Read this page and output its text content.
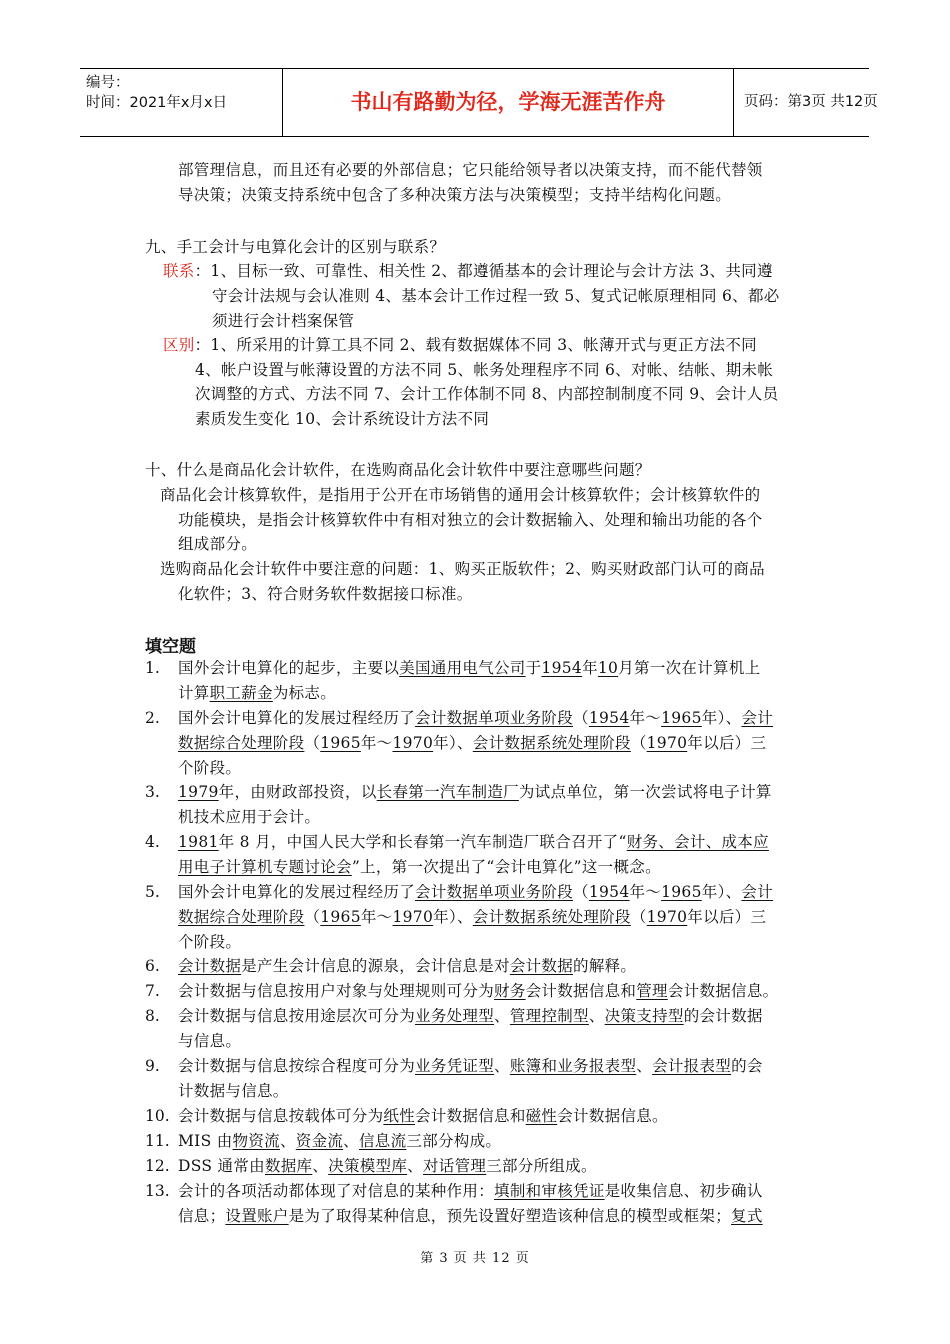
编号：
时间：2021年x月x日	书山有路勤为径，学海无涯苦作舟	页码：第3页 共12页
部管理信息，而且还有必要的外部信息；它只能给领导者以决策支持，而不能代替领
导决策；决策支持系统中包含了多种决策方法与决策模型；支持半结构化问题。
九、手工会计与电算化会计的区别与联系？
联系：1、目标一致、可靠性、相关性 2、都遵循基本的会计理论与会计方法 3、共同遵
守会计法规与会认准则 4、基本会计工作过程一致 5、复式记帐原理相同 6、都必
须进行会计档案保管
区别：1、所采用的计算工具不同 2、载有数据媒体不同 3、帐薄开式与更正方法不同
4、帐户设置与帐薄设置的方法不同 5、帐务处理程序不同 6、对帐、结帐、期未帐
次调整的方式、方法不同 7、会计工作体制不同 8、内部控制制度不同 9、会计人员
素质发生变化 10、会计系统设计方法不同
十、什么是商品化会计软件，在选购商品化会计软件中要注意哪些问题？
商品化会计核算软件，是指用于公开在市场销售的通用会计核算软件；会计核算软件的
功能模块，是指会计核算软件中有相对独立的会计数据输入、处理和输出功能的各个
组成部分。
选购商品化会计软件中要注意的问题：1、购买正版软件；2、购买财政部门认可的商品
化软件；3、符合财务软件数据接口标准。
填空题
1.
2.
3.
4.
5.
6.
7.
8.
9.
10.
11.
12.
13.
国外会计电算化的起步，主要以美国通用电气公司于1954年10月第一次在计算机上
计算职工薪金为标志。
国外会计电算化的发展过程经历了会计数据单项业务阶段（1954年～1965年）、会计
数据综合处理阶段（1965年～1970年）、会计数据系统处理阶段（1970年以后）三
个阶段。
1979年，由财政部投资，以长春第一汽车制造厂为试点单位，第一次尝试将电子计算
机技术应用于会计。
1981年 8 月，中国人民大学和长春第一汽车制造厂联合召开了“财务、会计、成本应
用电子计算机专题讨论会”上，第一次提出了“会计电算化”这一概念。
国外会计电算化的发展过程经历了会计数据单项业务阶段（1954年～1965年）、会计
数据综合处理阶段（1965年～1970年）、会计数据系统处理阶段（1970年以后）三
个阶段。
会计数据是产生会计信息的源泉，会计信息是对会计数据的解释。
会计数据与信息按用户对象与处理规则可分为财务会计数据信息和管理会计数据信息。
会计数据与信息按用途层次可分为业务处理型、管理控制型、决策支持型的会计数据
与信息。
会计数据与信息按综合程度可分为业务凭证型、账簿和业务报表型、会计报表型的会
计数据与信息。
会计数据与信息按载体可分为纸性会计数据信息和磁性会计数据信息。
MIS 由物资流、资金流、信息流三部分构成。
DSS 通常由数据库、决策模型库、对话管理三部分所组成。
会计的各项活动都体现了对信息的某种作用：填制和审核凭证是收集信息、初步确认
信息；设置账户是为了取得某种信息，预先设置好塑造该种信息的模型或框架；复式
第 3 页 共 12 页
